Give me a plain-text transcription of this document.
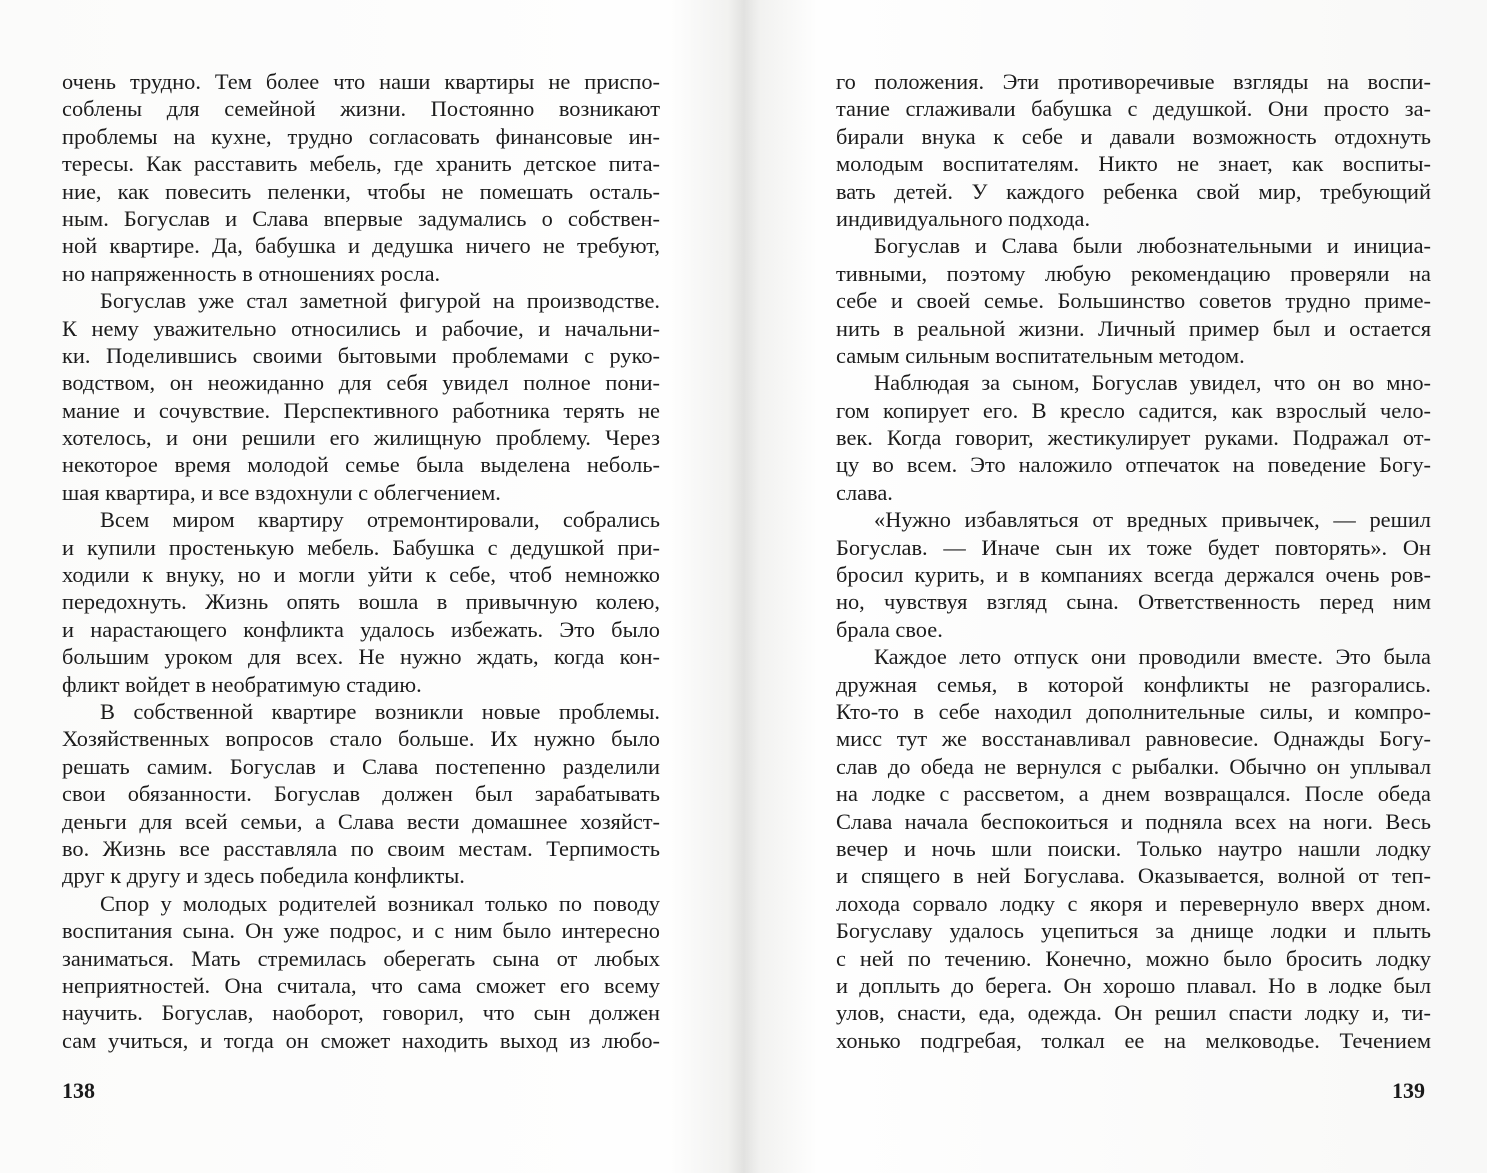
очень трудно. Тем более что наши квартиры не приспо-
соблены для семейной жизни. Постоянно возникают
проблемы на кухне, трудно согласовать финансовые ин-
тересы. Как расставить мебель, где хранить детское пита-
ние, как повесить пеленки, чтобы не помешать осталь-
ным. Богуслав и Слава впервые задумались о собствен-
ной квартире. Да, бабушка и дедушка ничего не требуют,
но напряженность в отношениях росла.
Богуслав уже стал заметной фигурой на производстве.
К нему уважительно относились и рабочие, и начальни-
ки. Поделившись своими бытовыми проблемами с руко-
водством, он неожиданно для себя увидел полное пони-
мание и сочувствие. Перспективного работника терять не
хотелось, и они решили его жилищную проблему. Через
некоторое время молодой семье была выделена неболь-
шая квартира, и все вздохнули с облегчением.
Всем миром квартиру отремонтировали, собрались
и купили простенькую мебель. Бабушка с дедушкой при-
ходили к внуку, но и могли уйти к себе, чтоб немножко
передохнуть. Жизнь опять вошла в привычную колею,
и нарастающего конфликта удалось избежать. Это было
большим уроком для всех. Не нужно ждать, когда кон-
фликт войдет в необратимую стадию.
В собственной квартире возникли новые проблемы.
Хозяйственных вопросов стало больше. Их нужно было
решать самим. Богуслав и Слава постепенно разделили
свои обязанности. Богуслав должен был зарабатывать
деньги для всей семьи, а Слава вести домашнее хозяйст-
во. Жизнь все расставляла по своим местам. Терпимость
друг к другу и здесь победила конфликты.
Спор у молодых родителей возникал только по поводу
воспитания сына. Он уже подрос, и с ним было интересно
заниматься. Мать стремилась оберегать сына от любых
неприятностей. Она считала, что сама сможет его всему
научить. Богуслав, наоборот, говорил, что сын должен
сам учиться, и тогда он сможет находить выход из любо-
138
го положения. Эти противоречивые взгляды на воспи-
тание сглаживали бабушка с дедушкой. Они просто за-
бирали внука к себе и давали возможность отдохнуть
молодым воспитателям. Никто не знает, как воспиты-
вать детей. У каждого ребенка свой мир, требующий
индивидуального подхода.
Богуслав и Слава были любознательными и инициа-
тивными, поэтому любую рекомендацию проверяли на
себе и своей семье. Большинство советов трудно приме-
нить в реальной жизни. Личный пример был и остается
самым сильным воспитательным методом.
Наблюдая за сыном, Богуслав увидел, что он во мно-
гом копирует его. В кресло садится, как взрослый чело-
век. Когда говорит, жестикулирует руками. Подражал от-
цу во всем. Это наложило отпечаток на поведение Богу-
слава.
«Нужно избавляться от вредных привычек, — решил
Богуслав. — Иначе сын их тоже будет повторять». Он
бросил курить, и в компаниях всегда держался очень ров-
но, чувствуя взгляд сына. Ответственность перед ним
брала свое.
Каждое лето отпуск они проводили вместе. Это была
дружная семья, в которой конфликты не разгорались.
Кто-то в себе находил дополнительные силы, и компро-
мисс тут же восстанавливал равновесие. Однажды Богу-
слав до обеда не вернулся с рыбалки. Обычно он уплывал
на лодке с рассветом, а днем возвращался. После обеда
Слава начала беспокоиться и подняла всех на ноги. Весь
вечер и ночь шли поиски. Только наутро нашли лодку
и спящего в ней Богуслава. Оказывается, волной от теп-
лохода сорвало лодку с якоря и перевернуло вверх дном.
Богуславу удалось уцепиться за днище лодки и плыть
с ней по течению. Конечно, можно было бросить лодку
и доплыть до берега. Он хорошо плавал. Но в лодке был
улов, снасти, еда, одежда. Он решил спасти лодку и, ти-
хонько подгребая, толкал ее на мелководье. Течением
139
